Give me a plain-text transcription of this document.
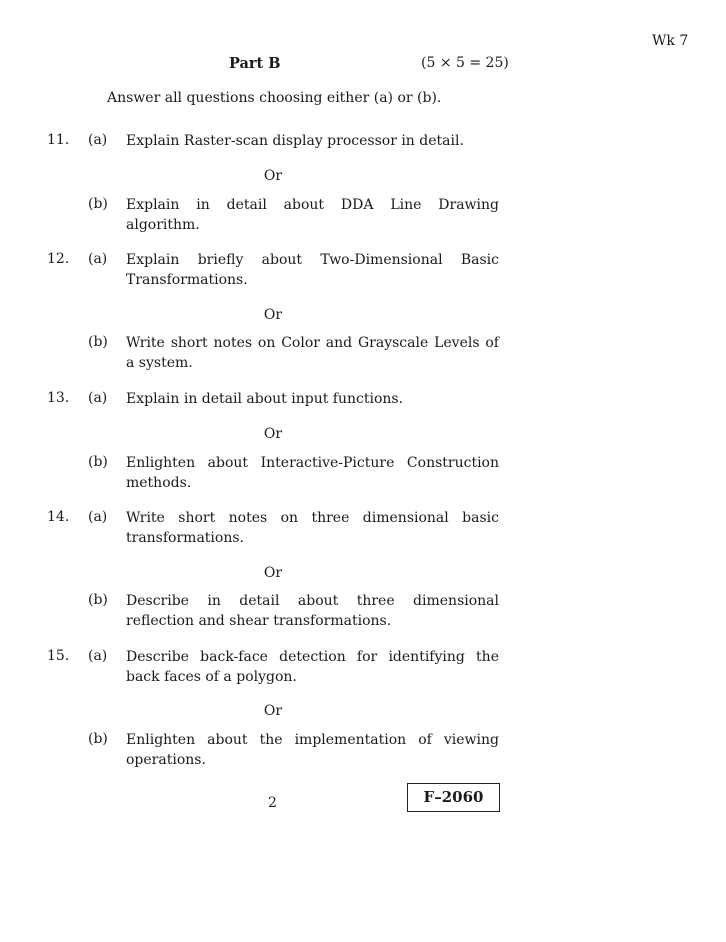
Wk 7
Part B	(5 × 5 = 25)
Answer all questions choosing either (a) or (b).
11. (a) Explain Raster-scan display processor in detail.
Or
(b) Explain in detail about DDA Line Drawing algorithm.
12. (a) Explain briefly about Two-Dimensional Basic Transformations.
Or
(b) Write short notes on Color and Grayscale Levels of a system.
13. (a) Explain in detail about input functions.
Or
(b) Enlighten about Interactive-Picture Construction methods.
14. (a) Write short notes on three dimensional basic transformations.
Or
(b) Describe in detail about three dimensional reflection and shear transformations.
15. (a) Describe back-face detection for identifying the back faces of a polygon.
Or
(b) Enlighten about the implementation of viewing operations.
2	F–2060
